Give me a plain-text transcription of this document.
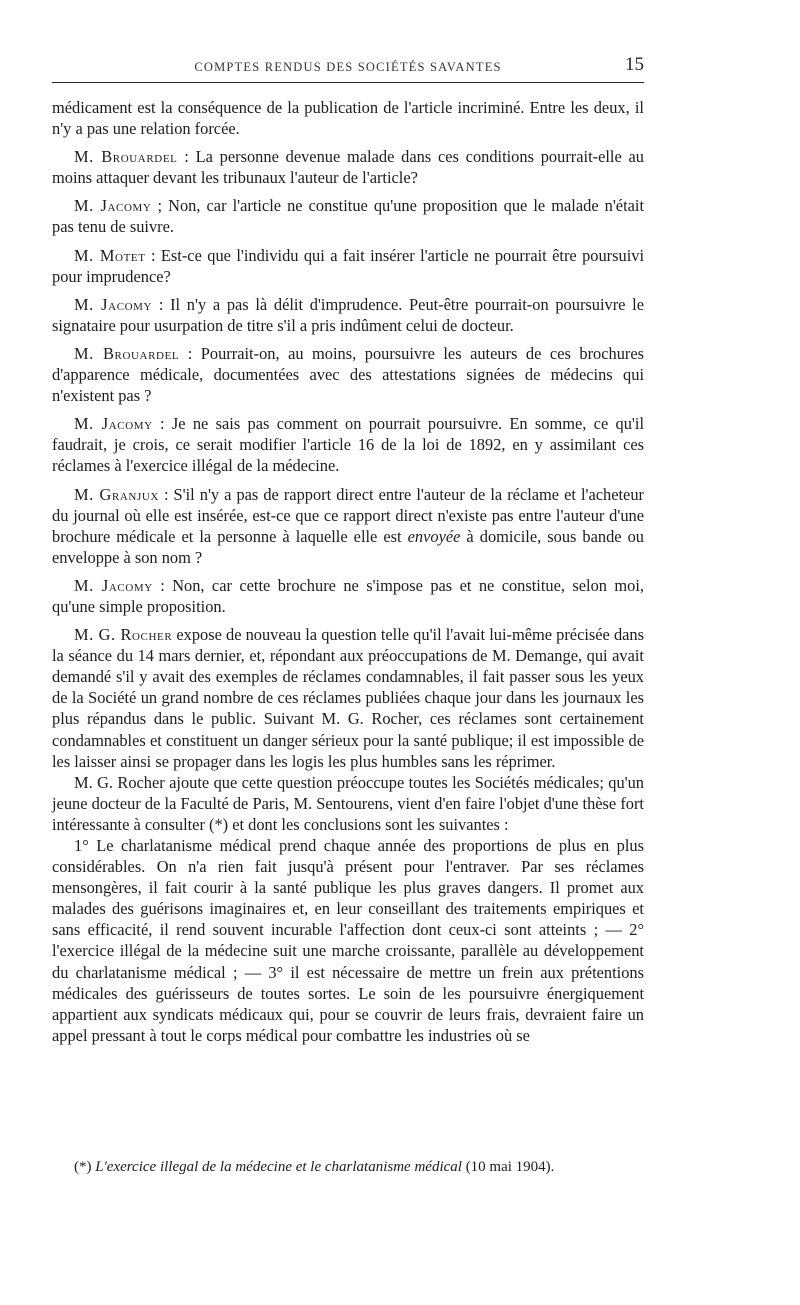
COMPTES RENDUS DES SOCIÉTÉS SAVANTES	15

médicament est la conséquence de la publication de l'article incriminé. Entre les deux, il n'y a pas une relation forcée.

M. Brouardel : La personne devenue malade dans ces conditions pourrait-elle au moins attaquer devant les tribunaux l'auteur de l'article?

M. Jacomy ; Non, car l'article ne constitue qu'une proposition que le malade n'était pas tenu de suivre.

M. Motet : Est-ce que l'individu qui a fait insérer l'article ne pourrait être poursuivi pour imprudence?

M. Jacomy : Il n'y a pas là délit d'imprudence. Peut-être pourrait-on poursuivre le signataire pour usurpation de titre s'il a pris indûment celui de docteur.

M. Brouardel : Pourrait-on, au moins, poursuivre les auteurs de ces brochures d'apparence médicale, documentées avec des attestations signées de médecins qui n'existent pas ?

M. Jacomy : Je ne sais pas comment on pourrait poursuivre. En somme, ce qu'il faudrait, je crois, ce serait modifier l'article 16 de la loi de 1892, en y assimilant ces réclames à l'exercice illégal de la médecine.

M. Granjux : S'il n'y a pas de rapport direct entre l'auteur de la réclame et l'acheteur du journal où elle est insérée, est-ce que ce rapport direct n'existe pas entre l'auteur d'une brochure médicale et la personne à laquelle elle est envoyée à domicile, sous bande ou enveloppe à son nom ?

M. Jacomy : Non, car cette brochure ne s'impose pas et ne constitue, selon moi, qu'une simple proposition.

M. G. Rocher expose de nouveau la question telle qu'il l'avait lui-même précisée dans la séance du 14 mars dernier, et, répondant aux préoccupations de M. Demange, qui avait demandé s'il y avait des exemples de réclames condamnables, il fait passer sous les yeux de la Société un grand nombre de ces réclames publiées chaque jour dans les journaux les plus répandus dans le public. Suivant M. G. Rocher, ces réclames sont certainement condamnables et constituent un danger sérieux pour la santé publique; il est impossible de les laisser ainsi se propager dans les logis les plus humbles sans les réprimer.

M. G. Rocher ajoute que cette question préoccupe toutes les Sociétés médicales; qu'un jeune docteur de la Faculté de Paris, M. Sentourens, vient d'en faire l'objet d'une thèse fort intéressante à consulter (*) et dont les conclusions sont les suivantes :

1° Le charlatanisme médical prend chaque année des proportions de plus en plus considérables. On n'a rien fait jusqu'à présent pour l'entraver. Par ses réclames mensongères, il fait courir à la santé publique les plus graves dangers. Il promet aux malades des guérisons imaginaires et, en leur conseillant des traitements empiriques et sans efficacité, il rend souvent incurable l'affection dont ceux-ci sont atteints ; — 2° l'exercice illégal de la médecine suit une marche croissante, parallèle au développement du charlatanisme médical ; — 3° il est nécessaire de mettre un frein aux prétentions médicales des guérisseurs de toutes sortes. Le soin de les poursuivre énergiquement appartient aux syndicats médicaux qui, pour se couvrir de leurs frais, devraient faire un appel pressant à tout le corps médical pour combattre les industries où se

(*) L'exercice illegal de la médecine et le charlatanisme médical (10 mai 1904).
